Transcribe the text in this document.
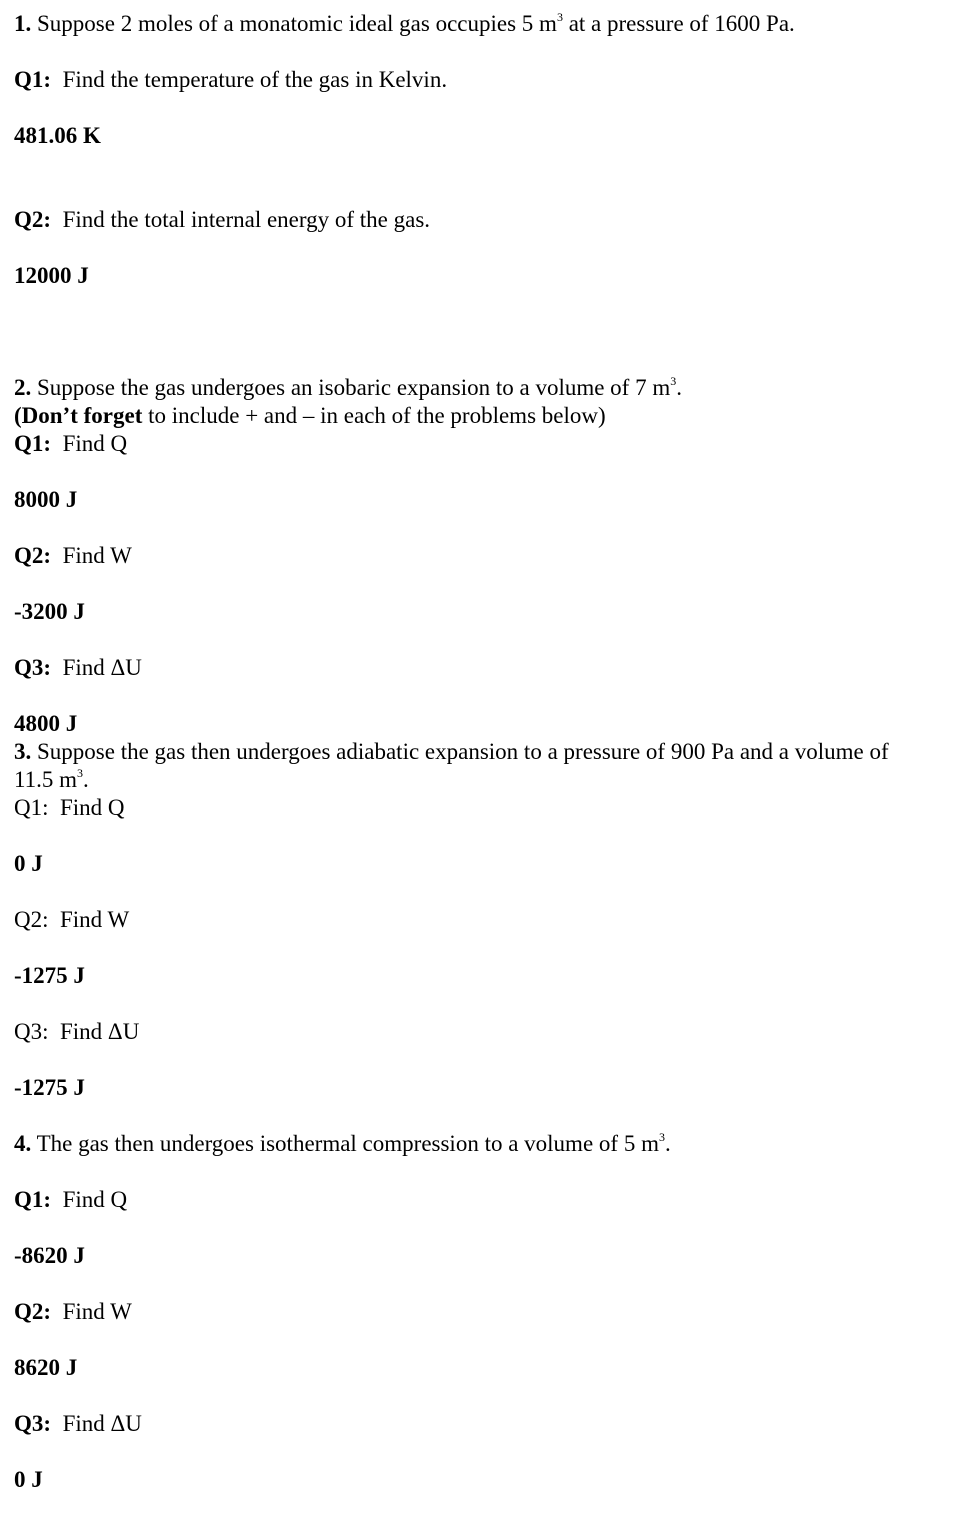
1. Suppose 2 moles of a monatomic ideal gas occupies 5 $m^3$ at a pressure of 1600 Pa.
Q1: Find the temperature of the gas in Kelvin.
481.06 K
Q2: Find the total internal energy of the gas.
12000 J
2. Suppose the gas undergoes an isobaric expansion to a volume of 7 $m^3$.
(Don’t forget to include + and – in each of the problems below)
Q1: Find Q
8000 J
Q2: Find W
-3200 J
Q3: Find ΔU
4800 J
3. Suppose the gas then undergoes adiabatic expansion to a pressure of 900 Pa and a volume of
11.5 $m^3$.
Q1: Find Q
0 J
Q2: Find W
-1275 J
Q3: Find ΔU
-1275 J
4. The gas then undergoes isothermal compression to a volume of 5 $m^3$.
Q1: Find Q
-8620 J
Q2: Find W
8620 J
Q3: Find ΔU
0 J
